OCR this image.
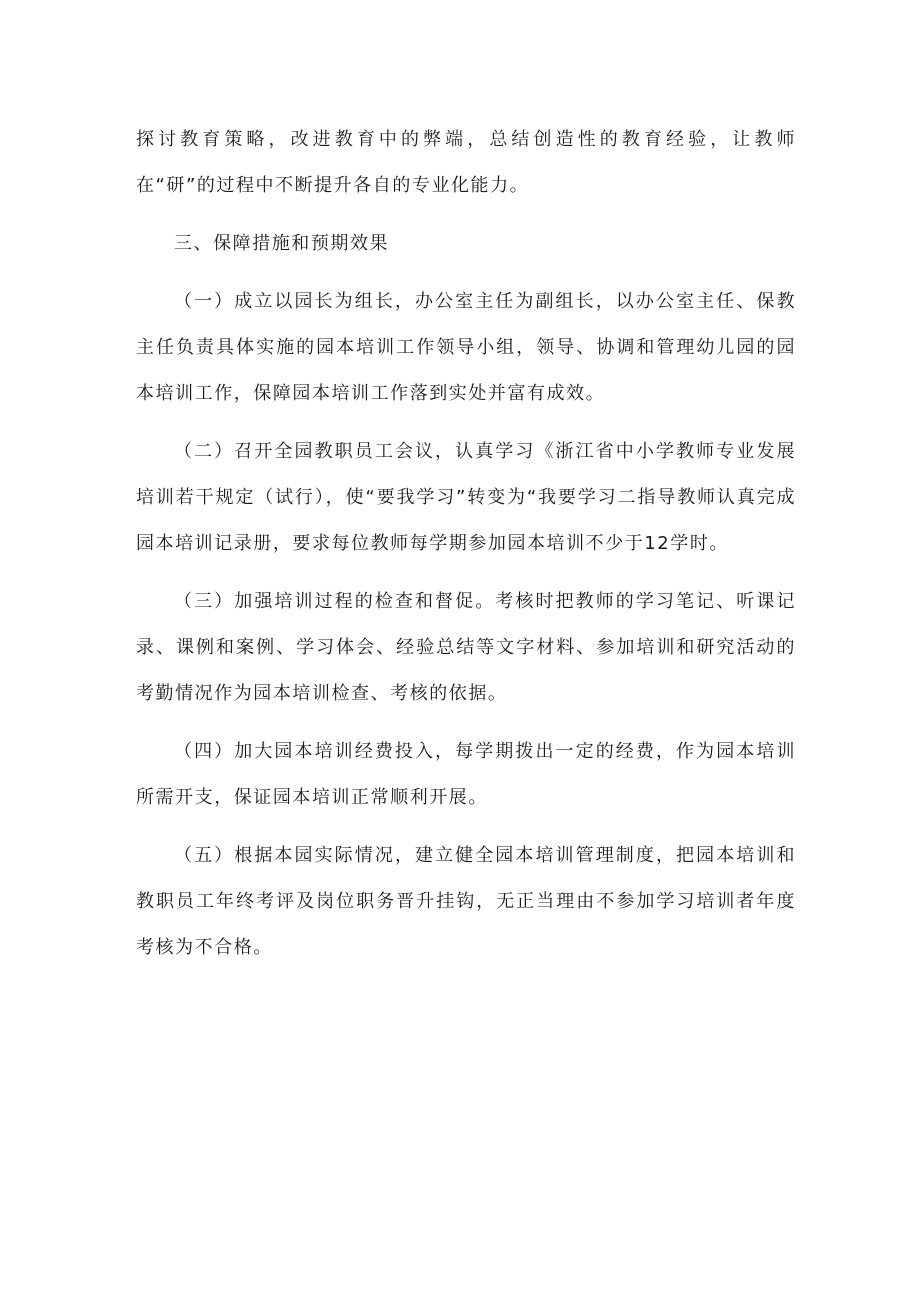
探讨教育策略，改进教育中的弊端，总结创造性的教育经验，让教师在“研”的过程中不断提升各自的专业化能力。

三、保障措施和预期效果

（一）成立以园长为组长，办公室主任为副组长，以办公室主任、保教主任负责具体实施的园本培训工作领导小组，领导、协调和管理幼儿园的园本培训工作，保障园本培训工作落到实处并富有成效。

（二）召开全园教职员工会议，认真学习《浙江省中小学教师专业发展培训若干规定（试行），使“要我学习”转变为“我要学习二指导教师认真完成园本培训记录册，要求每位教师每学期参加园本培训不少于12学时。

（三）加强培训过程的检查和督促。考核时把教师的学习笔记、听课记录、课例和案例、学习体会、经验总结等文字材料、参加培训和研究活动的考勤情况作为园本培训检查、考核的依据。

（四）加大园本培训经费投入，每学期拨出一定的经费，作为园本培训所需开支，保证园本培训正常顺利开展。

（五）根据本园实际情况，建立健全园本培训管理制度，把园本培训和教职员工年终考评及岗位职务晋升挂钩，无正当理由不参加学习培训者年度考核为不合格。
